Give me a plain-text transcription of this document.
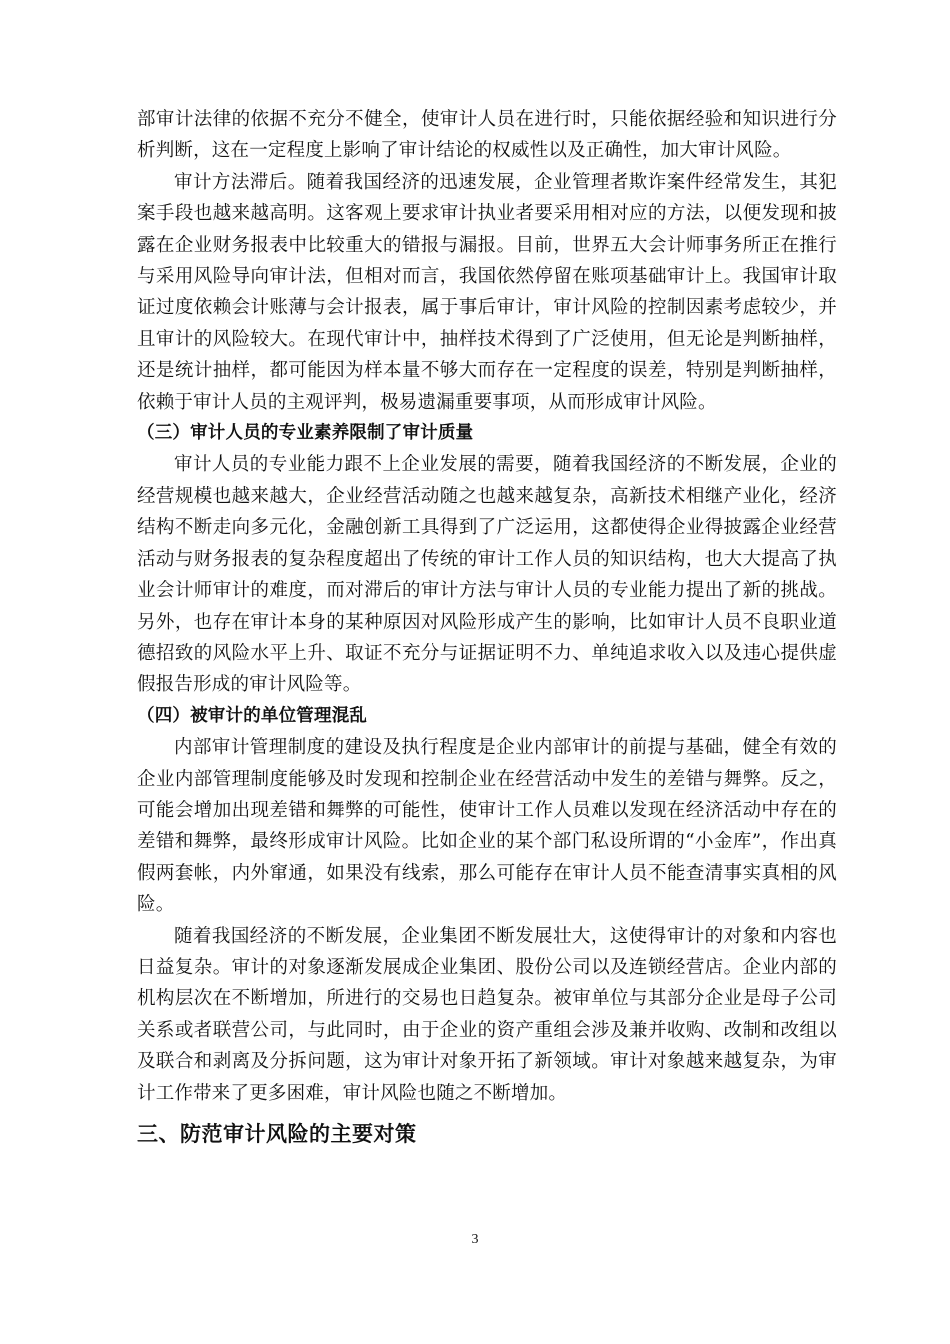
部审计法律的依据不充分不健全，使审计人员在进行时，只能依据经验和知识进行分析判断，这在一定程度上影响了审计结论的权威性以及正确性，加大审计风险。

审计方法滞后。随着我国经济的迅速发展，企业管理者欺诈案件经常发生，其犯案手段也越来越高明。这客观上要求审计执业者要采用相对应的方法，以便发现和披露在企业财务报表中比较重大的错报与漏报。目前，世界五大会计师事务所正在推行与采用风险导向审计法，但相对而言，我国依然停留在账项基础审计上。我国审计取证过度依赖会计账薄与会计报表，属于事后审计，审计风险的控制因素考虑较少，并且审计的风险较大。在现代审计中，抽样技术得到了广泛使用，但无论是判断抽样，还是统计抽样，都可能因为样本量不够大而存在一定程度的误差，特别是判断抽样，依赖于审计人员的主观评判，极易遗漏重要事项，从而形成审计风险。

（三）审计人员的专业素养限制了审计质量

审计人员的专业能力跟不上企业发展的需要，随着我国经济的不断发展，企业的经营规模也越来越大，企业经营活动随之也越来越复杂，高新技术相继产业化，经济结构不断走向多元化，金融创新工具得到了广泛运用，这都使得企业得披露企业经营活动与财务报表的复杂程度超出了传统的审计工作人员的知识结构，也大大提高了执业会计师审计的难度，而对滞后的审计方法与审计人员的专业能力提出了新的挑战。另外，也存在审计本身的某种原因对风险形成产生的影响，比如审计人员不良职业道德招致的风险水平上升、取证不充分与证据证明不力、单纯追求收入以及违心提供虚假报告形成的审计风险等。

（四）被审计的单位管理混乱

内部审计管理制度的建设及执行程度是企业内部审计的前提与基础，健全有效的企业内部管理制度能够及时发现和控制企业在经营活动中发生的差错与舞弊。反之，可能会增加出现差错和舞弊的可能性，使审计工作人员难以发现在经济活动中存在的差错和舞弊，最终形成审计风险。比如企业的某个部门私设所谓的“小金库”，作出真假两套帐，内外窜通，如果没有线索，那么可能存在审计人员不能查清事实真相的风险。

随着我国经济的不断发展，企业集团不断发展壮大，这使得审计的对象和内容也日益复杂。审计的对象逐渐发展成企业集团、股份公司以及连锁经营店。企业内部的机构层次在不断增加，所进行的交易也日趋复杂。被审单位与其部分企业是母子公司关系或者联营公司，与此同时，由于企业的资产重组会涉及兼并收购、改制和改组以及联合和剥离及分拆问题，这为审计对象开拓了新领域。审计对象越来越复杂，为审计工作带来了更多困难，审计风险也随之不断增加。

三、防范审计风险的主要对策

3
